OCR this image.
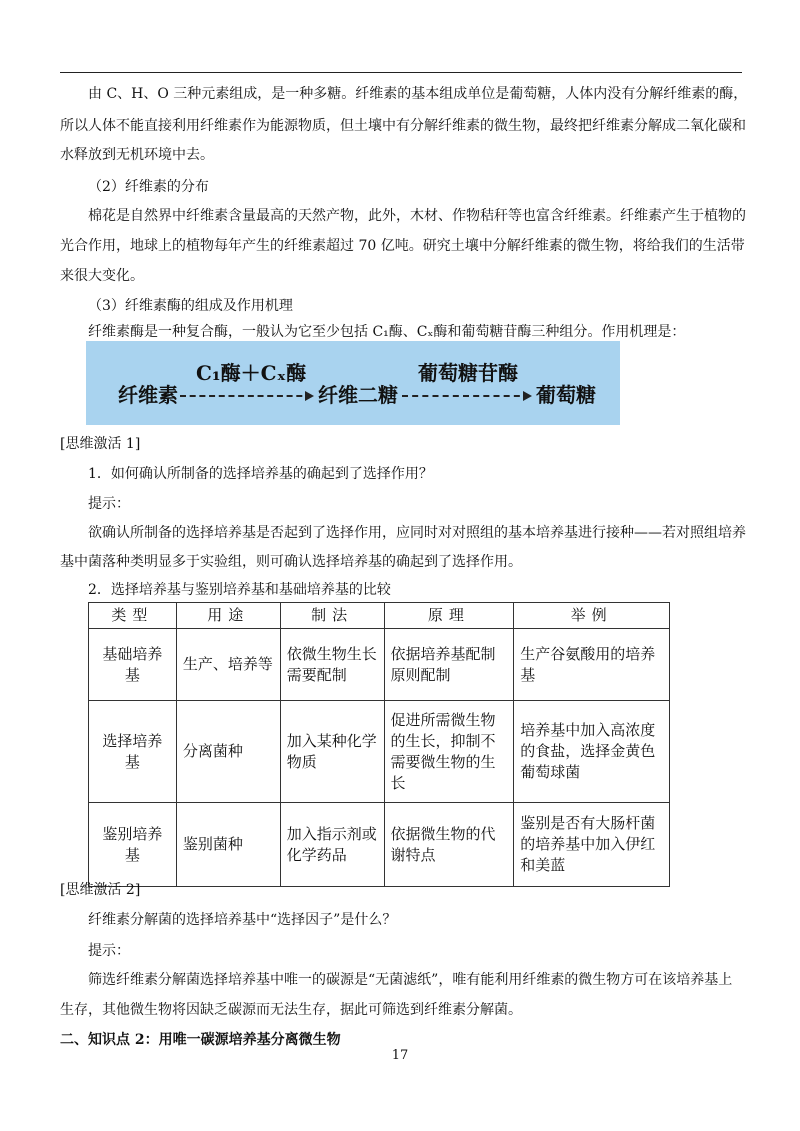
由 C、H、O 三种元素组成，是一种多糖。纤维素的基本组成单位是葡萄糖，人体内没有分解纤维素的酶，
所以人体不能直接利用纤维素作为能源物质，但土壤中有分解纤维素的微生物，最终把纤维素分解成二氧化碳和
水释放到无机环境中去。
（2）纤维素的分布
棉花是自然界中纤维素含量最高的天然产物，此外，木材、作物秸秆等也富含纤维素。纤维素产生于植物的
光合作用，地球上的植物每年产生的纤维素超过 70 亿吨。研究土壤中分解纤维素的微生物，将给我们的生活带
来很大变化。
（3）纤维素酶的组成及作用机理
纤维素酶是一种复合酶，一般认为它至少包括 C₁酶、Cₓ酶和葡萄糖苷酶三种组分。作用机理是：
纤维素
C₁酶＋Cₓ酶
纤维二糖
葡萄糖苷酶
葡萄糖
[思维激活 1]
1．如何确认所制备的选择培养基的确起到了选择作用？
提示：
欲确认所制备的选择培养基是否起到了选择作用，应同时对对照组的基本培养基进行接种——若对照组培养
基中菌落种类明显多于实验组，则可确认选择培养基的确起到了选择作用。
2．选择培养基与鉴别培养基和基础培养基的比较
类型	用途	制法	原理	举例
基础培养基	生产、培养等	依微生物生长需要配制	依据培养基配制原则配制	生产谷氨酸用的培养基
选择培养基	分离菌种	加入某种化学物质	促进所需微生物的生长，抑制不需要微生物的生长	培养基中加入高浓度的食盐，选择金黄色葡萄球菌
鉴别培养基	鉴别菌种	加入指示剂或化学药品	依据微生物的代谢特点	鉴别是否有大肠杆菌的培养基中加入伊红和美蓝
[思维激活 2]
纤维素分解菌的选择培养基中“选择因子”是什么？
提示：
筛选纤维素分解菌选择培养基中唯一的碳源是“无菌滤纸”，唯有能利用纤维素的微生物方可在该培养基上
生存，其他微生物将因缺乏碳源而无法生存，据此可筛选到纤维素分解菌。
二、知识点 2：用唯一碳源培养基分离微生物
17
